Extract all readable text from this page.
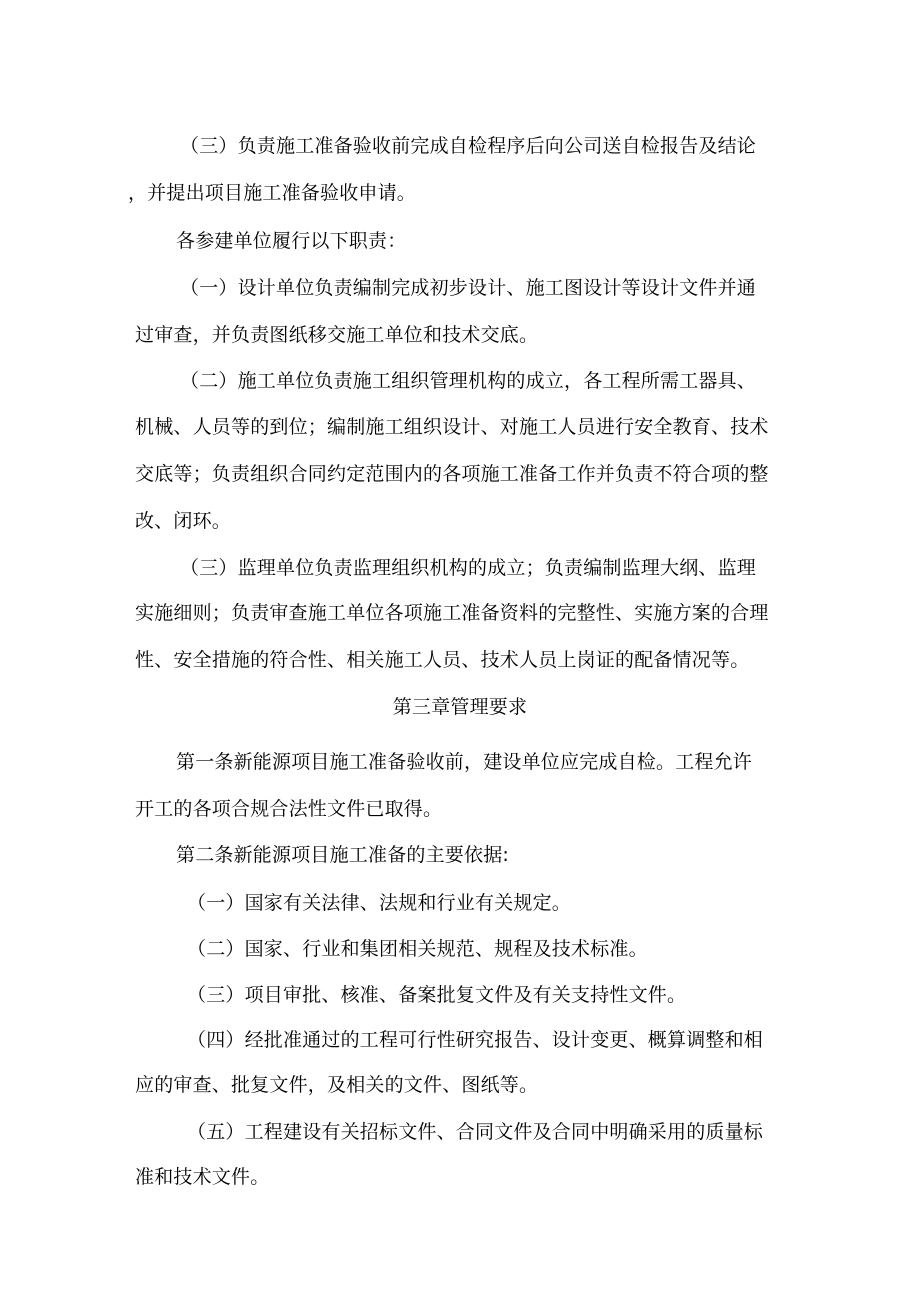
（三）负责施工准备验收前完成自检程序后向公司送自检报告及结论
，并提出项目施工准备验收申请。
各参建单位履行以下职责：
（一）设计单位负责编制完成初步设计、施工图设计等设计文件并通
过审查，并负责图纸移交施工单位和技术交底。
（二）施工单位负责施工组织管理机构的成立，各工程所需工器具、
机械、人员等的到位；编制施工组织设计、对施工人员进行安全教育、技术
交底等；负责组织合同约定范围内的各项施工准备工作并负责不符合项的整
改、闭环。
（三）监理单位负责监理组织机构的成立；负责编制监理大纲、监理
实施细则；负责审查施工单位各项施工准备资料的完整性、实施方案的合理
性、安全措施的符合性、相关施工人员、技术人员上岗证的配备情况等。
第三章管理要求
第一条新能源项目施工准备验收前，建设单位应完成自检。工程允许
开工的各项合规合法性文件已取得。
第二条新能源项目施工准备的主要依据:
（一）国家有关法律、法规和行业有关规定。
（二）国家、行业和集团相关规范、规程及技术标准。
（三）项目审批、核准、备案批复文件及有关支持性文件。
（四）经批准通过的工程可行性研究报告、设计变更、概算调整和相
应的审查、批复文件，及相关的文件、图纸等。
（五）工程建设有关招标文件、合同文件及合同中明确采用的质量标
准和技术文件。
